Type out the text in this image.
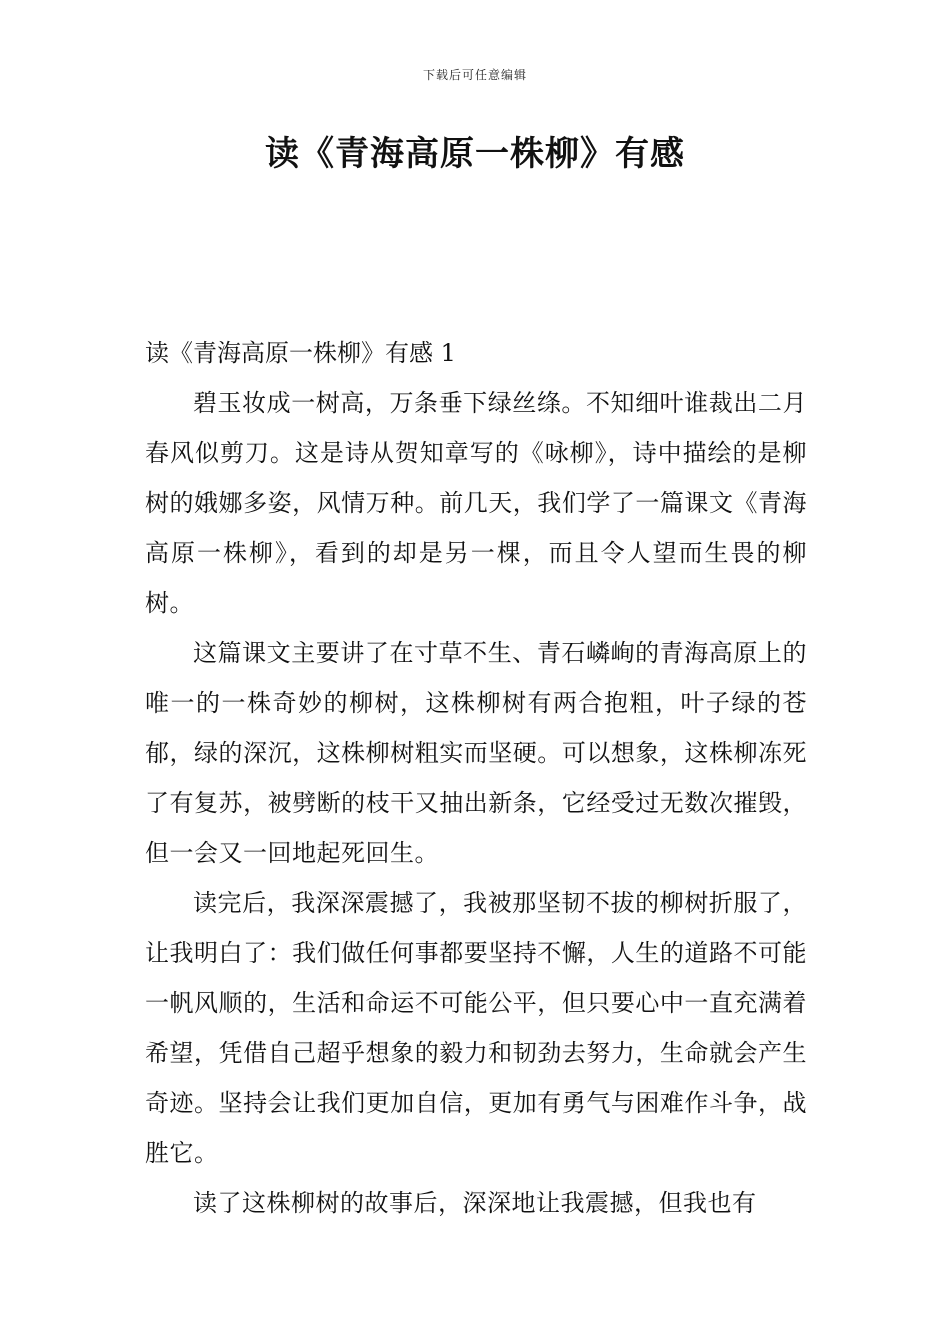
下载后可任意编辑
读《青海高原一株柳》有感

读《青海高原一株柳》有感 1

碧玉妆成一树高，万条垂下绿丝绦。不知细叶谁裁出二月春风似剪刀。这是诗从贺知章写的《咏柳》，诗中描绘的是柳树的娥娜多姿，风情万种。前几天，我们学了一篇课文《青海高原一株柳》，看到的却是另一棵，而且令人望而生畏的柳树。

这篇课文主要讲了在寸草不生、青石嶙峋的青海高原上的唯一的一株奇妙的柳树，这株柳树有两合抱粗，叶子绿的苍郁，绿的深沉，这株柳树粗实而坚硬。可以想象，这株柳冻死了有复苏，被劈断的枝干又抽出新条，它经受过无数次摧毁，但一会又一回地起死回生。

读完后，我深深震撼了，我被那坚韧不拔的柳树折服了，让我明白了：我们做任何事都要坚持不懈，人生的道路不可能一帆风顺的，生活和命运不可能公平，但只要心中一直充满着希望，凭借自己超乎想象的毅力和韧劲去努力，生命就会产生奇迹。坚持会让我们更加自信，更加有勇气与困难作斗争，战胜它。

读了这株柳树的故事后，深深地让我震撼，但我也有
